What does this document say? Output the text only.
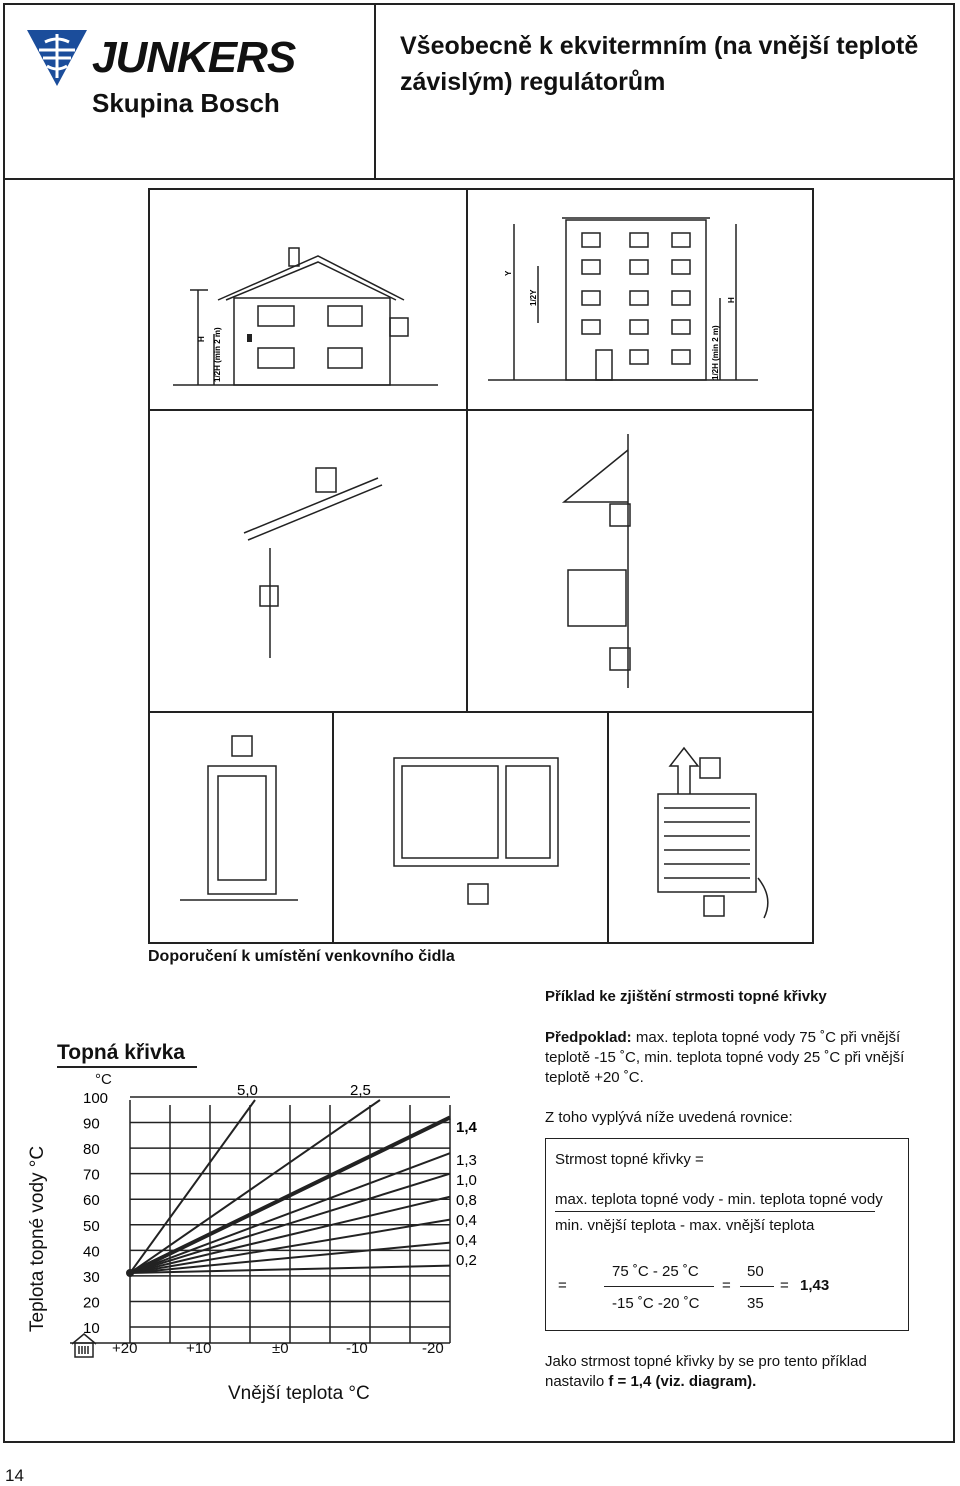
JUNKERS
Skupina Bosch
Všeobecně k ekvitermním (na vnější teplotě závislým) regulátorům
Y
1/2Y
H 1/2H (min 2 m)
H
1/2H (min 2 m)
Doporučení k umístění venkovního čidla
Topná křivka
Teplota topné vody °C
°C
Vnější teplota °C
100
90
80
70
60
50
40
30
20
10
1,4
1,3
1,0
0,8
0,4
0,4
0,2
5,0	2,5
+20	+10	±0	-10	-20
Příklad ke zjištění strmosti topné křivky
Předpoklad: max. teplota topné vody 75 ˚C při vnější teplotě -15 ˚C, min. teplota topné vody 25 ˚C při vnější teplotě +20 ˚C.
Z toho vyplývá níže uvedená rovnice:
Strmost topné křivky =
max. teplota topné vody - min. teplota topné vody
min. vnější teplota - max. vnější teplota
=
75 ˚C - 25 ˚C
-15 ˚C -20 ˚C
=
50
35
= 1,43
Jako strmost topné křivky by se pro tento příklad nastavilo f = 1,4 (viz. diagram).
14
